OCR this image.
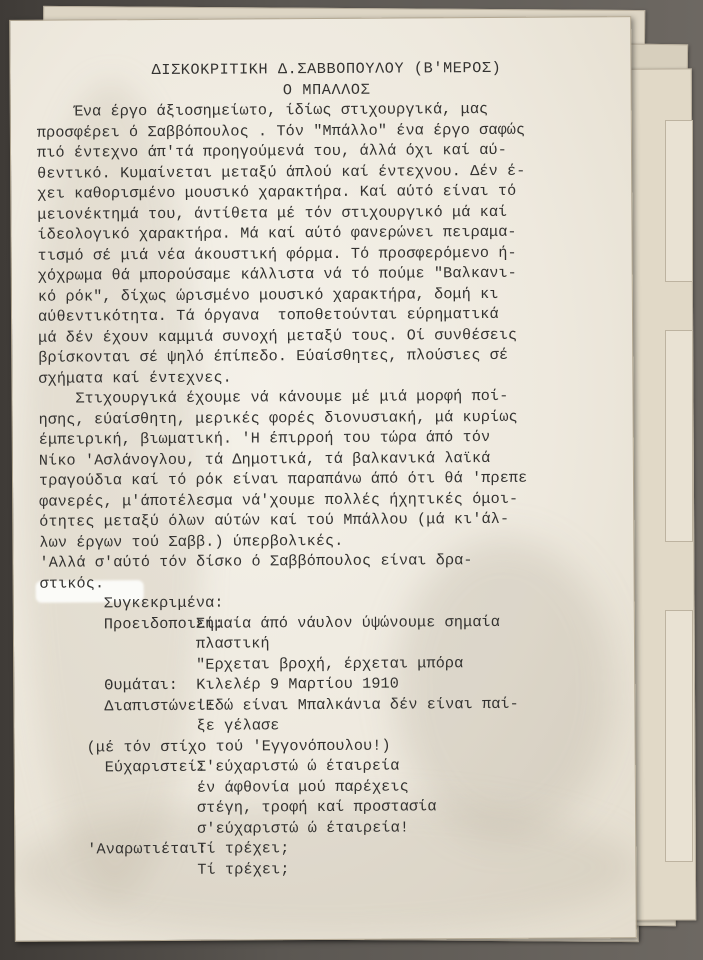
ΔΙΣΚΟΚΡΙΤΙΚΗ Δ.ΣΑΒΒΟΠΟΥΛΟΥ (Β'ΜΕΡΟΣ)
Ο ΜΠΑΛΛΟΣ
Ένα έργο άξιοσημείωτο, ίδίως στιχουργικά, μας
προσφέρει ό Σαββόπουλος . Τόν "Μπάλλο" ένα έργο σαφώς
πιό έντεχνο άπ'τά προηγούμενά του, άλλά όχι καί αύ-
θεντικό. Κυμαίνεται μεταξύ άπλού καί έντεχνου. Δέν έ-
χει καθορισμένο μουσικό χαρακτήρα. Καί αύτό είναι τό
μειονέκτημά του, άντίθετα μέ τόν στιχουργικό μά καί
ίδεολογικό χαρακτήρα. Μά καί αύτό φανερώνει πειραμα-
τισμό σέ μιά νέα άκουστική φόρμα. Τό προσφερόμενο ή-
χόχρωμα θά μπορούσαμε κάλλιστα νά τό πούμε "Βαλκανι-
κό ρόκ", δίχως ώρισμένο μουσικό χαρακτήρα, δομή κι
αύθεντικότητα. Τά όργανα  τοποθετούνται εύρηματικά
μά δέν έχουν καμμιά συνοχή μεταξύ τους. Οί συνθέσεις
βρίσκονται σέ ψηλό έπίπεδο. Εύαίσθητες, πλούσιες σέ
σχήματα καί έντεχνες.
Στιχουργικά έχουμε νά κάνουμε μέ μιά μορφή ποί-
ησης, εύαίσθητη, μερικές φορές διονυσιακή, μά κυρίως
έμπειρική, βιωματική. 'Η έπιρροή του τώρα άπό τόν
Νίκο 'Ασλάνογλου, τά Δημοτικά, τά βαλκανικά λαϊκά
τραγούδια καί τό ρόκ είναι παραπάνω άπό ότι θά 'πρεπε
φανερές, μ'άποτέλεσμα νά'χουμε πολλές ήχητικές όμοι-
ότητες μεταξύ όλων αύτών καί τού Μπάλλου (μά κι'άλ-
λων έργων τού Σαββ.) ύπερβολικές.
'Αλλά σ'αύτό τόν δίσκο ό Σαββόπουλος είναι δρα-
στικός.
Συγκεκριμένα:
Προειδοποιεί:
Σημαία άπό νάυλον ύψώνουμε σημαία
πλαστική
"Ερχεται βροχή, έρχεται μπόρα
Θυμάται:	Κιλελέρ 9 Μαρτίου 1910
Διαπιστώνει:
'Εδώ είναι Μπαλκάνια δέν είναι παί-
ξε γέλασε
(μέ τόν στίχο τού 'Εγγονόπουλου!)
Εύχαριστεί:
Σ'εύχαριστώ ώ έταιρεία
έν άφθονία μού παρέχεις
στέγη, τροφή καί προστασία
σ'εύχαριστώ ώ έταιρεία!
'Αναρωτιέται:
Τί τρέχει;
Τί τρέχει;
